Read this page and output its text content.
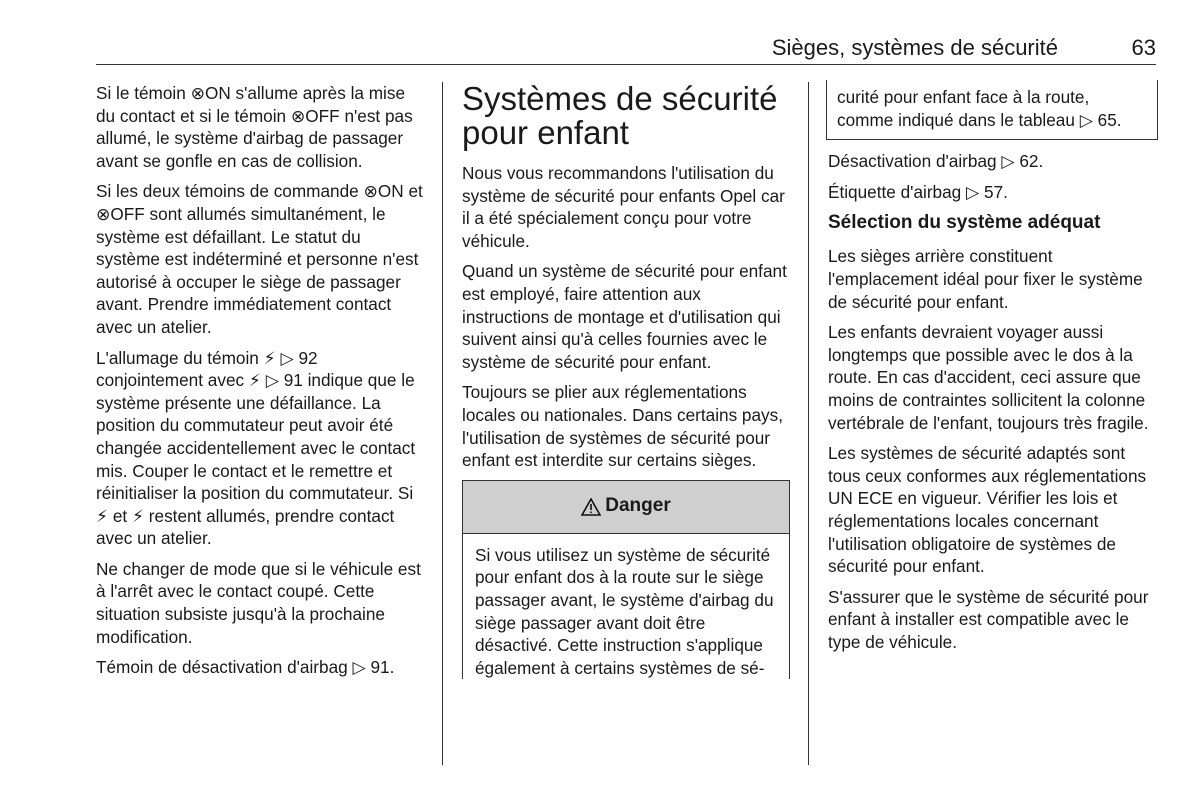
Sièges, systèmes de sécurité	63

Si le témoin ⊗ON s'allume après la mise du contact et si le témoin ⊗OFF n'est pas allumé, le système d'airbag de passager avant se gonfle en cas de collision.

Si les deux témoins de commande ⊗ON et ⊗OFF sont allumés simultanément, le système est défaillant. Le statut du système est indéterminé et personne n'est autorisé à occuper le siège de passager avant. Prendre immédiatement contact avec un atelier.

L'allumage du témoin ⚡ ▷ 92 conjointement avec ⚡ ▷ 91 indique que le système présente une défaillance. La position du commutateur peut avoir été changée accidentellement avec le contact mis. Couper le contact et le remettre et réinitialiser la position du commutateur. Si ⚡ et ⚡ restent allumés, prendre contact avec un atelier.

Ne changer de mode que si le véhicule est à l'arrêt avec le contact coupé. Cette situation subsiste jusqu'à la prochaine modification.

Témoin de désactivation d'airbag ▷ 91.

Systèmes de sécurité pour enfant

Nous vous recommandons l'utilisation du système de sécurité pour enfants Opel car il a été spécialement conçu pour votre véhicule.

Quand un système de sécurité pour enfant est employé, faire attention aux instructions de montage et d'utilisation qui suivent ainsi qu'à celles fournies avec le système de sécurité pour enfant.

Toujours se plier aux réglementations locales ou nationales. Dans certains pays, l'utilisation de systèmes de sécurité pour enfant est interdite sur certains sièges.

Danger
Si vous utilisez un système de sécurité pour enfant dos à la route sur le siège passager avant, le système d'airbag du siège passager avant doit être désactivé. Cette instruction s'applique également à certains systèmes de sé-
curité pour enfant face à la route, comme indiqué dans le tableau ▷ 65.

Désactivation d'airbag ▷ 62.

Étiquette d'airbag ▷ 57.

Sélection du système adéquat

Les sièges arrière constituent l'emplacement idéal pour fixer le système de sécurité pour enfant.

Les enfants devraient voyager aussi longtemps que possible avec le dos à la route. En cas d'accident, ceci assure que moins de contraintes sollicitent la colonne vertébrale de l'enfant, toujours très fragile.

Les systèmes de sécurité adaptés sont tous ceux conformes aux réglementations UN ECE en vigueur. Vérifier les lois et réglementations locales concernant l'utilisation obligatoire de systèmes de sécurité pour enfant.

S'assurer que le système de sécurité pour enfant à installer est compatible avec le type de véhicule.
